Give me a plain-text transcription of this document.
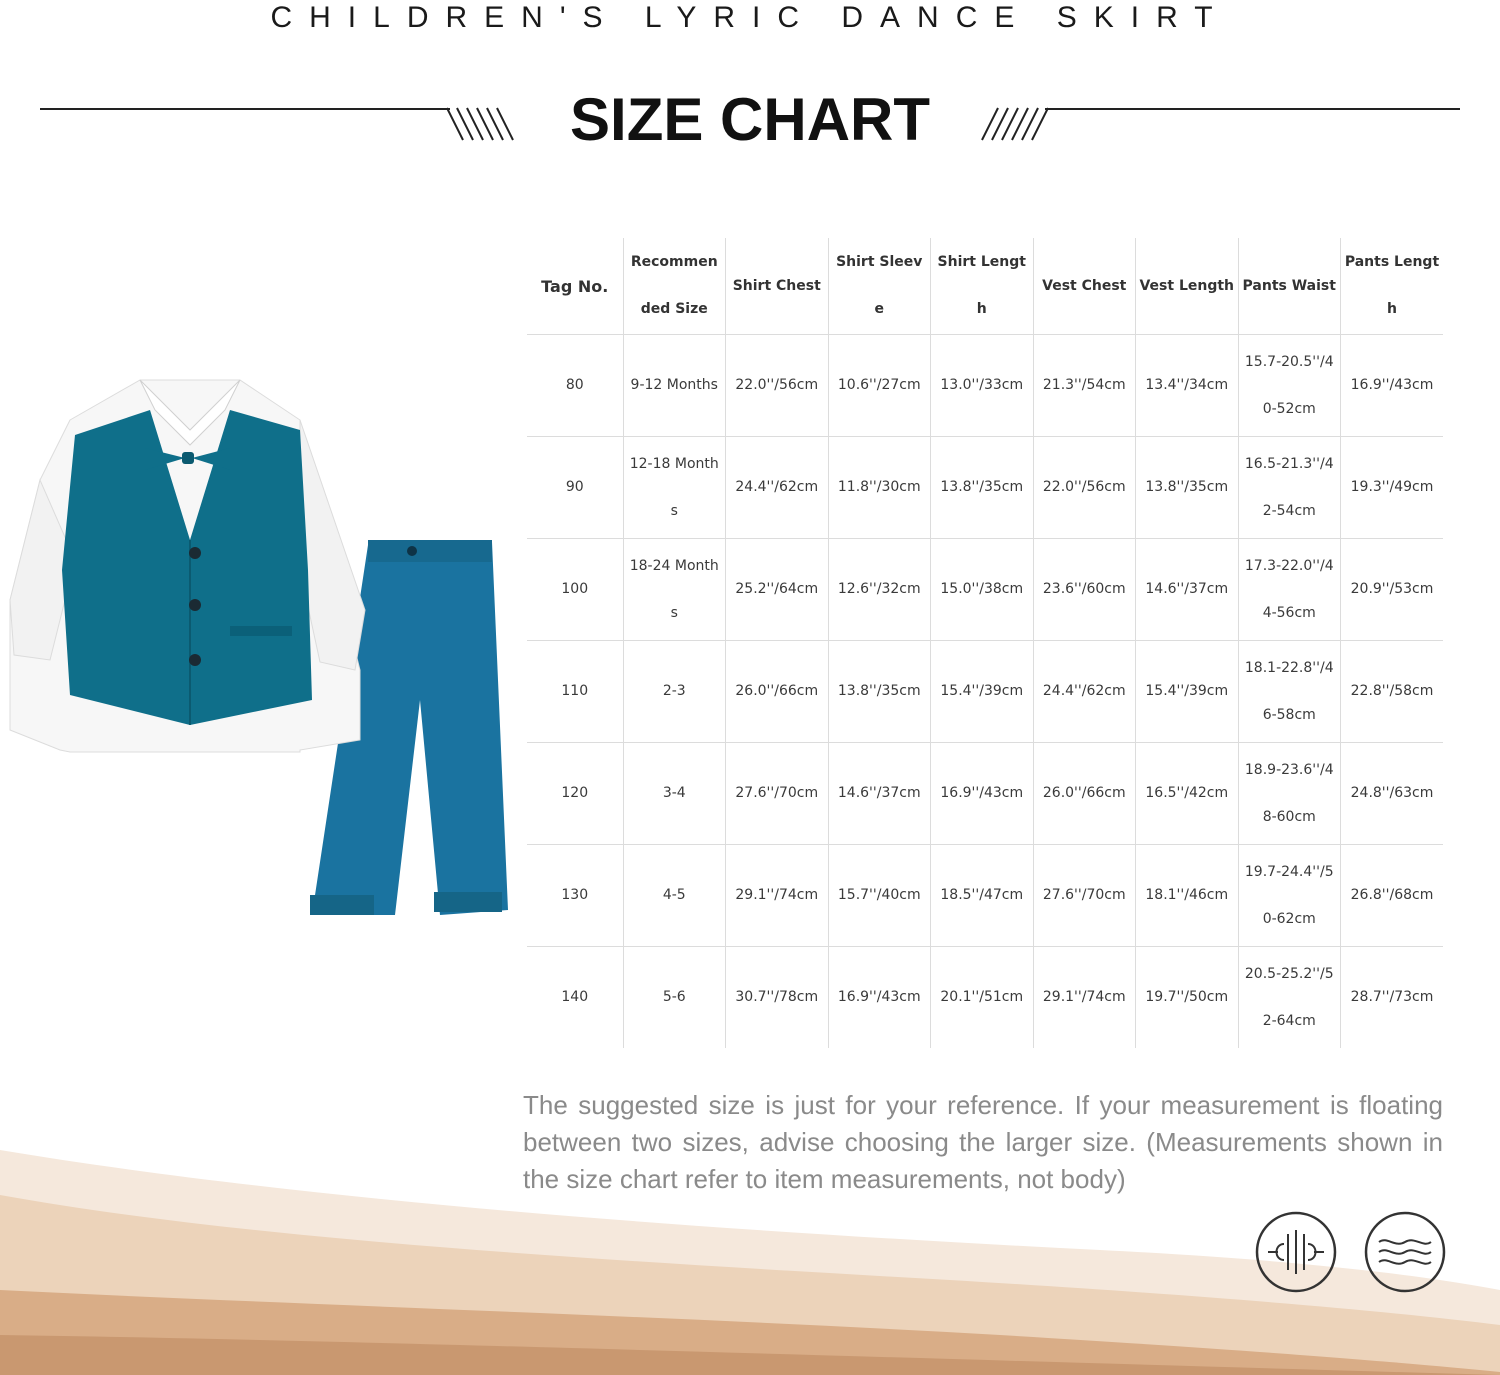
CHILDREN'S LYRIC DANCE SKIRT
SIZE CHART
Tag No.	Recommended Size	Shirt Chest	Shirt Sleeve	Shirt Length	Vest Chest	Vest Length	Pants Waist	Pants Length
80	9-12 Months	22.0''/56cm	10.6''/27cm	13.0''/33cm	21.3''/54cm	13.4''/34cm	15.7-20.5''/40-52cm	16.9''/43cm
90	12-18 Months	24.4''/62cm	11.8''/30cm	13.8''/35cm	22.0''/56cm	13.8''/35cm	16.5-21.3''/42-54cm	19.3''/49cm
100	18-24 Months	25.2''/64cm	12.6''/32cm	15.0''/38cm	23.6''/60cm	14.6''/37cm	17.3-22.0''/44-56cm	20.9''/53cm
110	2-3	26.0''/66cm	13.8''/35cm	15.4''/39cm	24.4''/62cm	15.4''/39cm	18.1-22.8''/46-58cm	22.8''/58cm
120	3-4	27.6''/70cm	14.6''/37cm	16.9''/43cm	26.0''/66cm	16.5''/42cm	18.9-23.6''/48-60cm	24.8''/63cm
130	4-5	29.1''/74cm	15.7''/40cm	18.5''/47cm	27.6''/70cm	18.1''/46cm	19.7-24.4''/50-62cm	26.8''/68cm
140	5-6	30.7''/78cm	16.9''/43cm	20.1''/51cm	29.1''/74cm	19.7''/50cm	20.5-25.2''/52-64cm	28.7''/73cm
The suggested size is just for your reference. If your measurement is floating between two sizes, advise choosing the larger size. (Measurements shown in the size chart refer to item measurements, not body)
